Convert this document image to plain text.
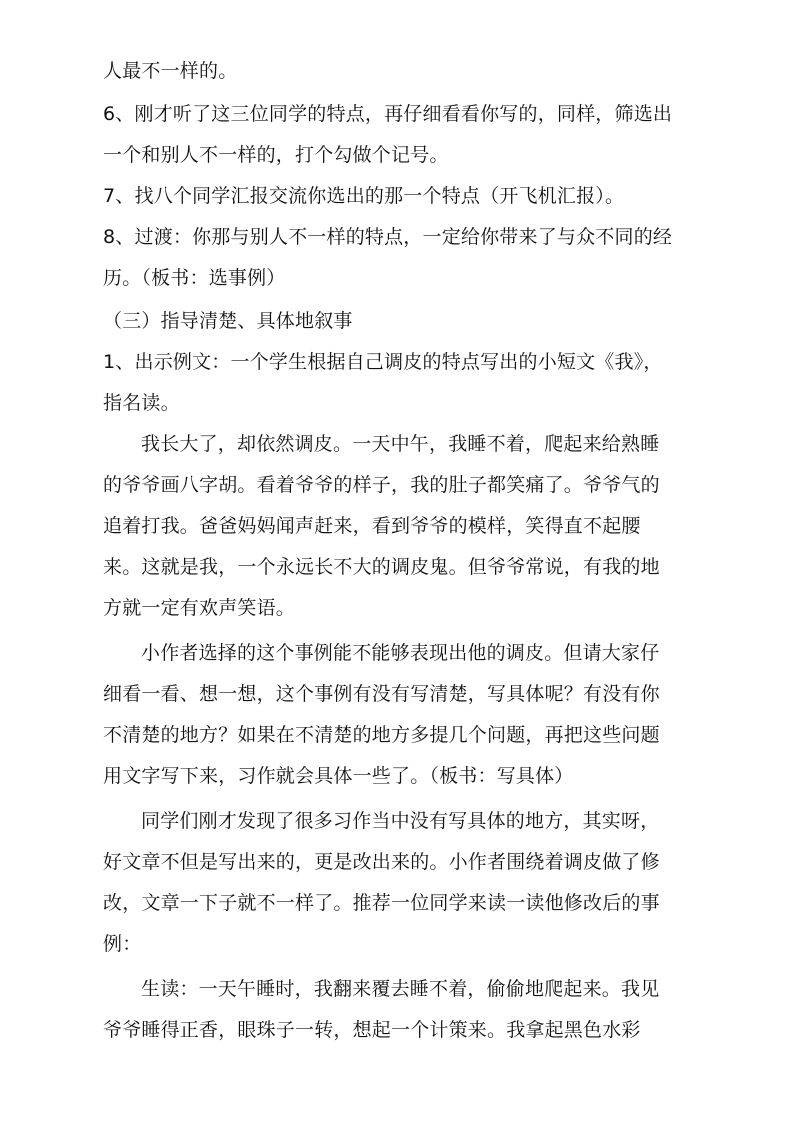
人最不一样的。
6、刚才听了这三位同学的特点，再仔细看看你写的，同样，筛选出
一个和别人不一样的，打个勾做个记号。
7、找八个同学汇报交流你选出的那一个特点（开飞机汇报）。
8、过渡：你那与别人不一样的特点，一定给你带来了与众不同的经
历。（板书：选事例）
（三）指导清楚、具体地叙事
1、出示例文：一个学生根据自己调皮的特点写出的小短文《我》，
指名读。
我长大了，却依然调皮。一天中午，我睡不着，爬起来给熟睡
的爷爷画八字胡。看着爷爷的样子，我的肚子都笑痛了。爷爷气的
追着打我。爸爸妈妈闻声赶来，看到爷爷的模样，笑得直不起腰
来。这就是我，一个永远长不大的调皮鬼。但爷爷常说，有我的地
方就一定有欢声笑语。
小作者选择的这个事例能不能够表现出他的调皮。但请大家仔
细看一看、想一想，这个事例有没有写清楚，写具体呢？有没有你
不清楚的地方？如果在不清楚的地方多提几个问题，再把这些问题
用文字写下来，习作就会具体一些了。（板书：写具体）
同学们刚才发现了很多习作当中没有写具体的地方，其实呀，
好文章不但是写出来的，更是改出来的。小作者围绕着调皮做了修
改，文章一下子就不一样了。推荐一位同学来读一读他修改后的事
例：
生读：一天午睡时，我翻来覆去睡不着，偷偷地爬起来。我见
爷爷睡得正香，眼珠子一转，想起一个计策来。我拿起黑色水彩
